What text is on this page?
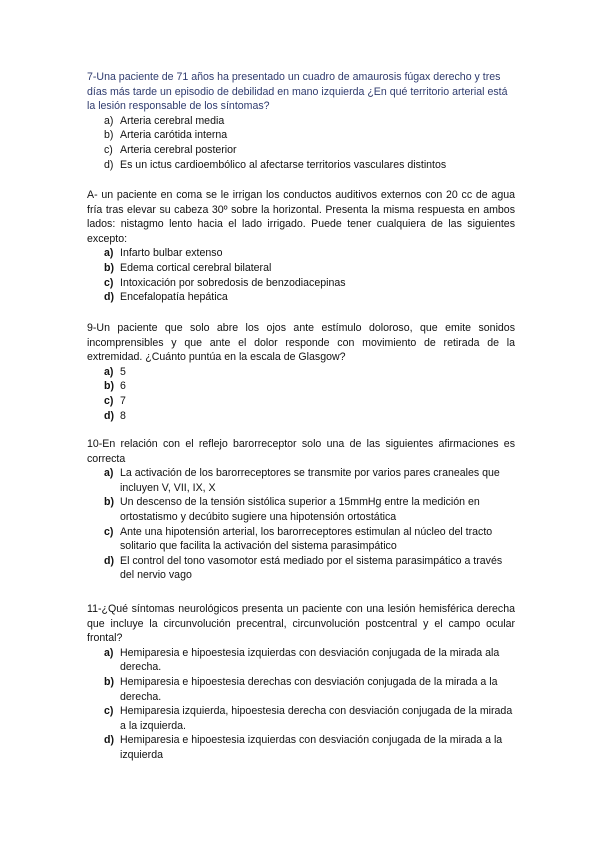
7-Una paciente de 71 años ha presentado un cuadro de amaurosis fúgax derecho y tres días más tarde un episodio de debilidad en mano izquierda ¿En qué territorio arterial está la lesión responsable de los síntomas?
a) Arteria cerebral media
b) Arteria carótida interna
c) Arteria cerebral posterior
d) Es un ictus cardioembólico al afectarse territorios vasculares distintos
A- un paciente en coma se le irrigan los conductos auditivos externos con 20 cc de agua fría tras elevar su cabeza 30º sobre la horizontal. Presenta la misma respuesta en ambos lados: nistagmo lento hacia el lado irrigado. Puede tener cualquiera de las siguientes excepto:
a) Infarto bulbar extenso
b) Edema cortical cerebral bilateral
c) Intoxicación por sobredosis de benzodiacepinas
d) Encefalopatía hepática
9-Un paciente que solo abre los ojos ante estímulo doloroso, que emite sonidos incomprensibles y que ante el dolor responde con movimiento de retirada de la extremidad. ¿Cuánto puntúa en la escala de Glasgow?
a) 5
b) 6
c) 7
d) 8
10-En relación con el reflejo barorreceptor solo una de las siguientes afirmaciones es correcta
a) La activación de los barorreceptores se transmite por varios pares craneales que incluyen V, VII, IX, X
b) Un descenso de la tensión sistólica superior a 15mmHg entre la medición en ortostatismo y decúbito sugiere una hipotensión ortostática
c) Ante una hipotensión arterial, los barorreceptores estimulan al núcleo del tracto solitario que facilita la activación del sistema parasimpático
d) El control del tono vasomotor está mediado por el sistema parasimpático a través del nervio vago
11-¿Qué síntomas neurológicos presenta un paciente con una lesión hemisférica derecha que incluye la circunvolución precentral, circunvolución postcentral y el campo ocular frontal?
a) Hemiparesia e hipoestesia izquierdas con desviación conjugada de la mirada ala derecha.
b) Hemiparesia e hipoestesia derechas con desviación conjugada de la mirada a la derecha.
c) Hemiparesia izquierda, hipoestesia derecha con desviación conjugada de la mirada a la izquierda.
d) Hemiparesia e hipoestesia izquierdas con desviación conjugada de la mirada a la izquierda
